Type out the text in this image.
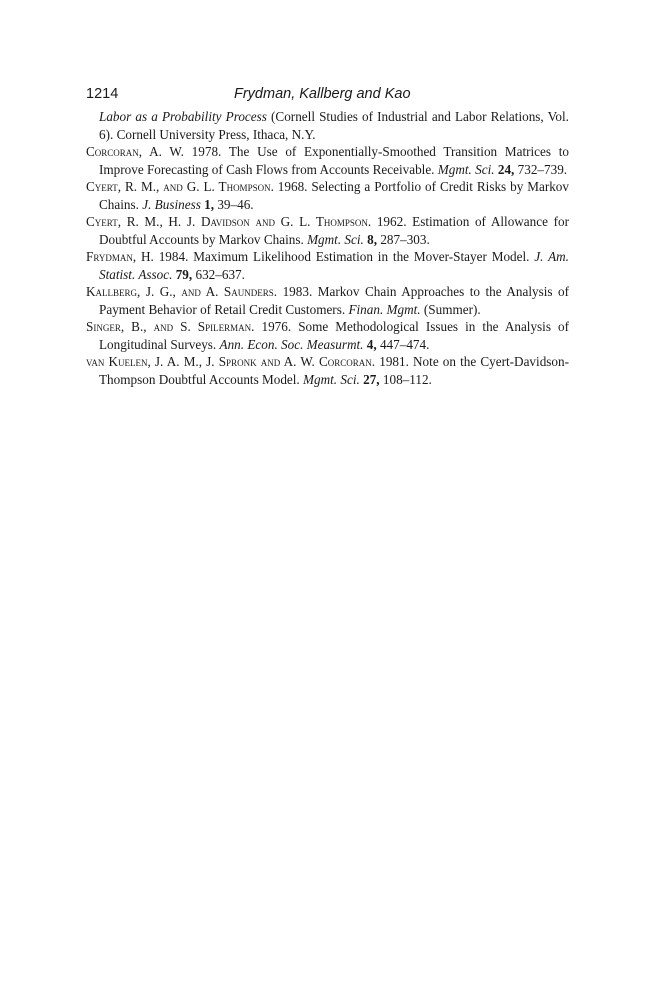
1214	Frydman, Kallberg and Kao

Labor as a Probability Process (Cornell Studies of Industrial and Labor Relations, Vol. 6). Cornell University Press, Ithaca, N.Y.

Corcoran, A. W. 1978. The Use of Exponentially-Smoothed Transition Matrices to Improve Forecasting of Cash Flows from Accounts Receivable. Mgmt. Sci. 24, 732–739.

Cyert, R. M., and G. L. Thompson. 1968. Selecting a Portfolio of Credit Risks by Markov Chains. J. Business 1, 39–46.

Cyert, R. M., H. J. Davidson and G. L. Thompson. 1962. Estimation of Allowance for Doubtful Accounts by Markov Chains. Mgmt. Sci. 8, 287–303.

Frydman, H. 1984. Maximum Likelihood Estimation in the Mover-Stayer Model. J. Am. Statist. Assoc. 79, 632–637.

Kallberg, J. G., and A. Saunders. 1983. Markov Chain Approaches to the Analysis of Payment Behavior of Retail Credit Customers. Finan. Mgmt. (Summer).

Singer, B., and S. Spilerman. 1976. Some Methodological Issues in the Analysis of Longitudinal Surveys. Ann. Econ. Soc. Measurmt. 4, 447–474.

van Kuelen, J. A. M., J. Spronk and A. W. Corcoran. 1981. Note on the Cyert-Davidson-Thompson Doubtful Accounts Model. Mgmt. Sci. 27, 108–112.
